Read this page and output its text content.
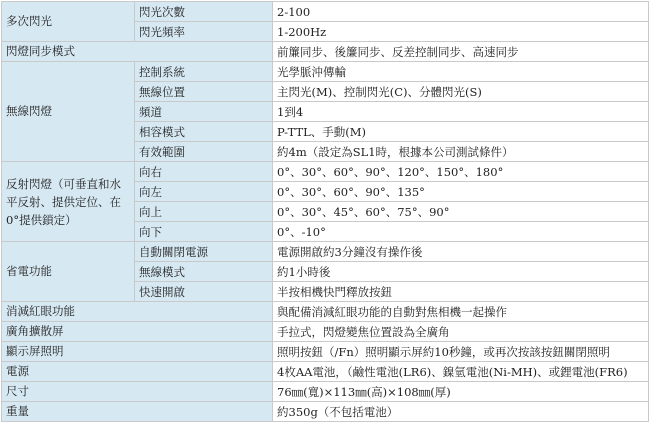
多次閃光	閃光次數	2-100
	閃光頻率	1-200Hz
閃燈同步模式		前簾同步、後簾同步、反差控制同步、高速同步
無線閃燈	控制系統	光學脈沖傳輸
	無線位置	主閃光(M)、控制閃光(C)、分體閃光(S)
	頻道	1到4
	相容模式	P-TTL、手動(M)
	有效範圍	約4m（設定為SL1時，根據本公司測試條件）
反射閃燈（可垂直和水平反射、提供定位、在0°提供鎖定）	向右	0°、30°、60°、90°、120°、150°、180°
	向左	0°、30°、60°、90°、135°
	向上	0°、30°、45°、60°、75°、90°
	向下	0°、-10°
省電功能	自動關閉電源	電源開啟約3分鐘沒有操作後
	無線模式	約1小時後
	快速開啟	半按相機快門釋放按鈕
消減紅眼功能		與配備消減紅眼功能的自動對焦相機一起操作
廣角擴散屏		手拉式，閃燈變焦位置設為全廣角
顯示屏照明		照明按鈕（/Fn）照明顯示屏約10秒鐘，或再次按該按鈕關閉照明
電源		4枚AA電池，（鹼性電池(LR6)、鎳氫電池(Ni-MH)、或鋰電池(FR6)
尺寸		76㎜(寬)×113㎜(高)×108㎜(厚)
重量		約350g（不包括電池）
